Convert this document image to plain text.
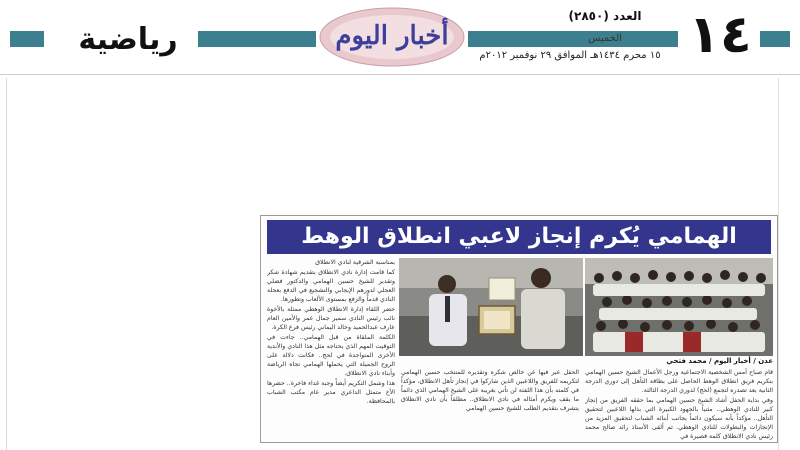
رياضية	أخبار اليوم
العدد (٢٨٥٠)
الخميس
١٥ محرم ١٤٣٤هـ الموافق ٢٩ نوفمبر ٢٠١٢م ١٤
الهمامي يُكرم إنجاز لاعبي انطلاق الوهط

بمناسبة الشرقية لنادي الانطلاق

كما قامت إدارة نادي الانطلاق بتقديم شهادة شكر وتقدير للشيخ حسين الهمامي والدكتور فضلي العجلي لدورهم الإيجابي والتشجيع في الدفع بعجلة النادي قدماً والرفع بمستوى الألعاب وتطورها.

حضر اللقاء إدارة الانطلاق الوهطي ممثلة بالأخوة نائب رئيس النادي سمير جمال عمر والأمين العام عارف عبدالحميد وخالد اليماني رئيس فرع الكرة.

الكلمة الملقاة من قبل الهمامي.. جاءت في التوقيت المهم الذي يحتاجه مثل هذا النادي والأندية الأخرى المتواجدة في لحج.. فكانت دلالة على الروح الجميلة التي يحملها الهمامي تجاه الرياضة وأبناء نادي الانطلاق.

هذا وشمل التكريم أيضاً وجبة غداء فاخرة.. حضرها الأخ متمثل الداعري مدير عام مكتب الشباب بالمحافظة.

عدن / أخبار اليوم / محمد فتحي

الحفل عبر فيها عن خالص شكره وتقديره للمنتخب حسين الهمامي لتكريمه للفريق واللاعبين الذين شاركوا في إنجاز تأهل الانطلاق، مؤكداً في كلمته بأن هذا اللفتة لن تأتي بغريبة على الشيخ الهمامي الذي دائماً ما يقف ويكرم أمثاله في نادي الانطلاق.. مطلقاً بأن نادي الانطلاق يتشرف بتقديم الطلب للشيخ حسين الهمامي

قام صباح أمس الشخصية الاجتماعية ورجل الأعمال الشيخ حسين الهمامي بتكريم فريق انطلاق الوهط الحاصل على بطاقة التأهل إلى دوري الدرجة الثانية بعد تصدره لتجمع (لحج) لدوري الدرجة الثالثة.

وفي بداية الحفل أشاد الشيخ حسين الهمامي بما حققه الفريق من إنجاز كبير للنادي الوهطي.. مثنياً بالجهود الكبيرة التي بذلها اللاعبين لتحقيق التأهل.. مؤكداً بأنه سيكون دائماً بجانب أبنائه الشباب لتحقيق المزيد من الإنجازات والبطولات للنادي الوهطي. ثم ألقى الأستاذ رائد صالح محمد رئيس نادي الانطلاق كلمة قصيرة في
